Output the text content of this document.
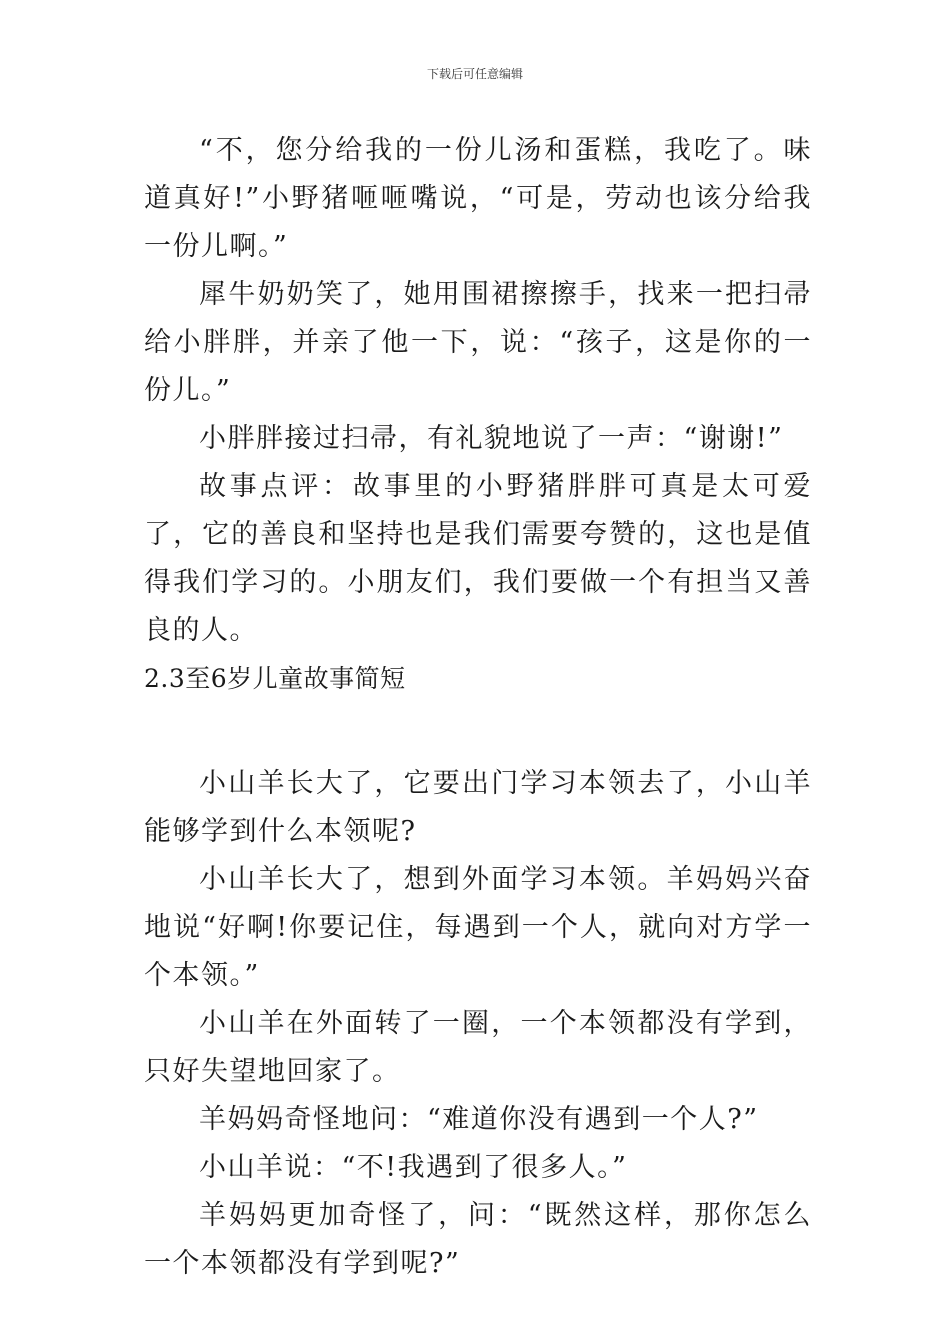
下载后可任意编辑

“不，您分给我的一份儿汤和蛋糕，我吃了。味道真好!”小野猪咂咂嘴说，“可是，劳动也该分给我一份儿啊。”

犀牛奶奶笑了，她用围裙擦擦手，找来一把扫帚给小胖胖，并亲了他一下，说：“孩子，这是你的一份儿。”

小胖胖接过扫帚，有礼貌地说了一声：“谢谢!”

故事点评：故事里的小野猪胖胖可真是太可爱了，它的善良和坚持也是我们需要夸赞的，这也是值得我们学习的。小朋友们，我们要做一个有担当又善良的人。

2.3至6岁儿童故事简短

小山羊长大了，它要出门学习本领去了，小山羊能够学到什么本领呢?

小山羊长大了，想到外面学习本领。羊妈妈兴奋地说“好啊!你要记住，每遇到一个人，就向对方学一个本领。”

小山羊在外面转了一圈，一个本领都没有学到，只好失望地回家了。

羊妈妈奇怪地问：“难道你没有遇到一个人?”

小山羊说：“不!我遇到了很多人。”

羊妈妈更加奇怪了，问：“既然这样，那你怎么一个本领都没有学到呢?”
